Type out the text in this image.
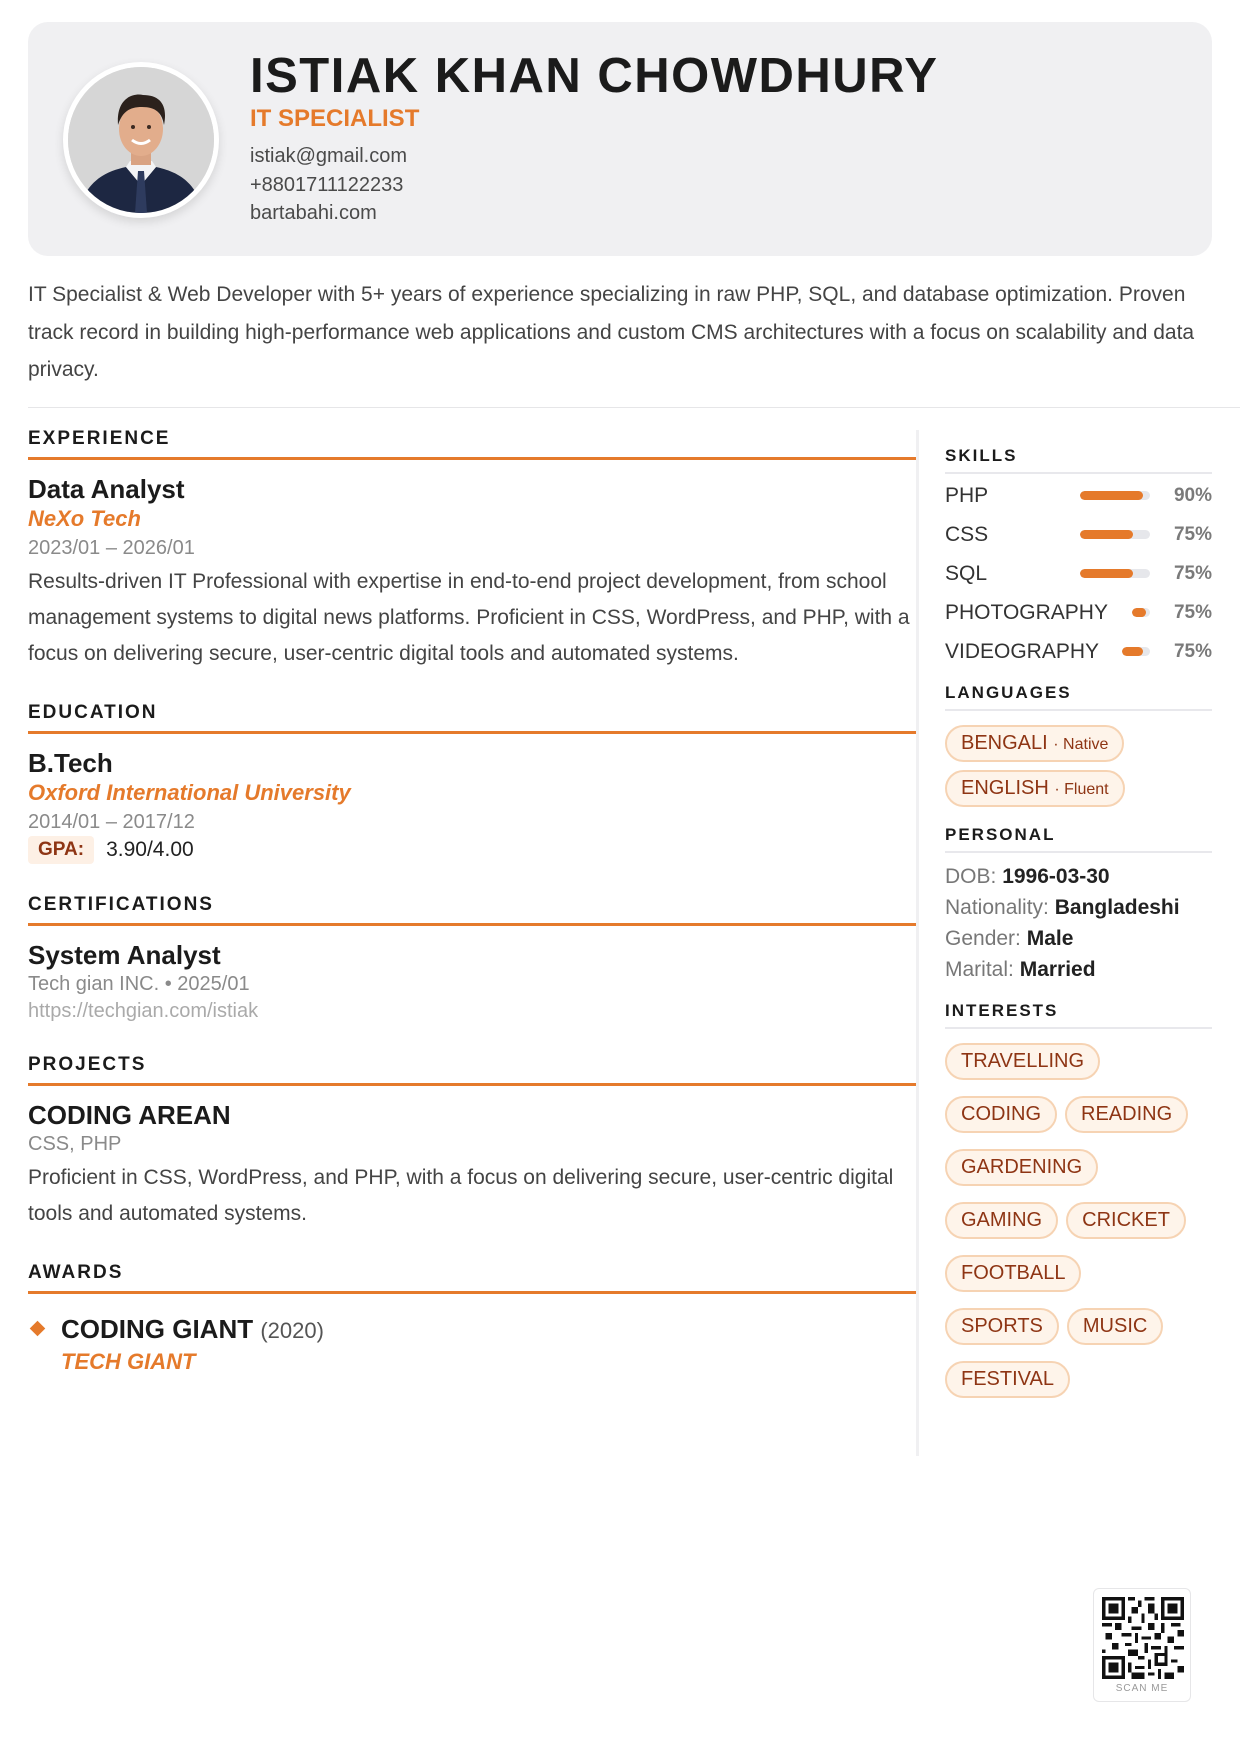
ISTIAK KHAN CHOWDHURY
IT SPECIALIST
istiak@gmail.com
+8801711122233
bartabahi.com

IT Specialist & Web Developer with 5+ years of experience specializing in raw PHP, SQL, and database optimization. Proven track record in building high-performance web applications and custom CMS architectures with a focus on scalability and data privacy.

EXPERIENCE
Data Analyst
NeXo Tech
2023/01 – 2026/01
Results-driven IT Professional with expertise in end-to-end project development, from school management systems to digital news platforms. Proficient in CSS, WordPress, and PHP, with a focus on delivering secure, user-centric digital tools and automated systems.
EDUCATION
B.Tech
Oxford International University
2014/01 – 2017/12
GPA:	3.90/4.00
CERTIFICATIONS
System Analyst
Tech gian INC. • 2025/01
https://techgian.com/istiak
PROJECTS
CODING AREAN
CSS, PHP
Proficient in CSS, WordPress, and PHP, with a focus on delivering secure, user-centric digital tools and automated systems.
AWARDS
CODING GIANT (2020)
TECH GIANT
SKILLS
PHP	90%
CSS	75%
SQL	75%
PHOTOGRAPHY	75%
VIDEOGRAPHY	75%
LANGUAGES
BENGALI · Native
ENGLISH · Fluent
PERSONAL
DOB: 1996-03-30
Nationality: Bangladeshi
Gender: Male
Marital: Married
INTERESTS
TRAVELLING
CODING	READING
GARDENING
GAMING	CRICKET
FOOTBALL
SPORTS	MUSIC
FESTIVAL
SCAN ME
